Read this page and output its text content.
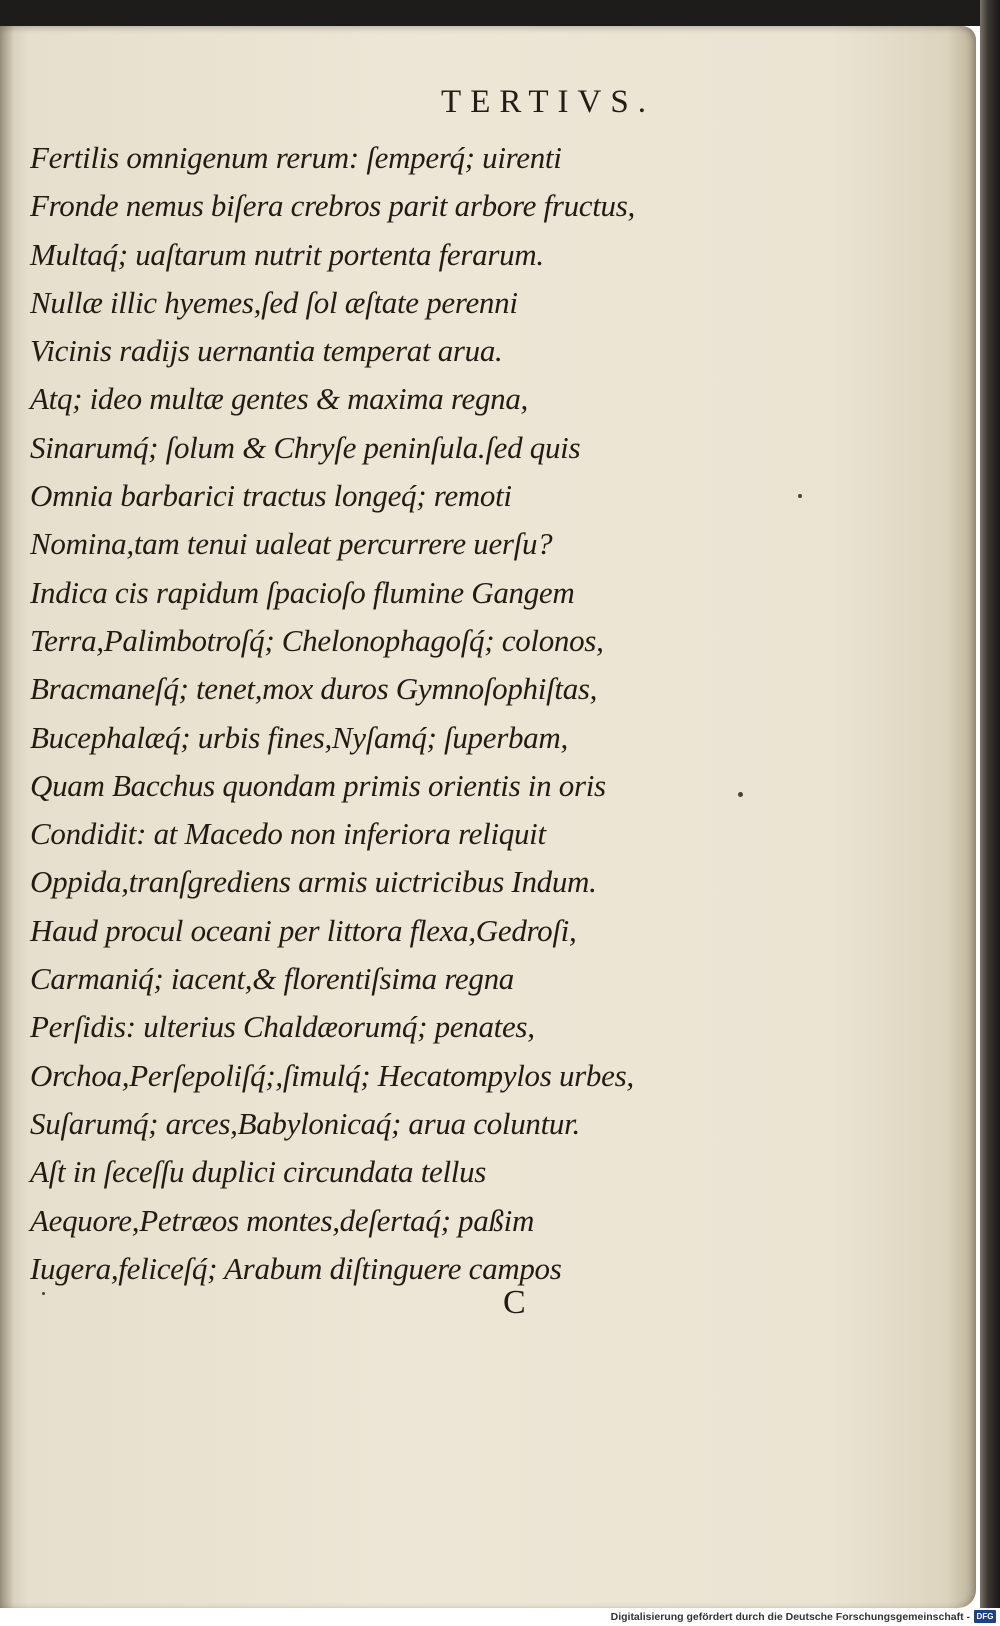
TERTIVS.
Fertilis omnigenum rerum: ſemperq́; uirenti
Fronde nemus biſera crebros parit arbore fructus,
Multaq́; uaſtarum nutrit portenta ferarum.
Nullæ illic hyemes,ſed ſol æſtate perenni
Vicinis radijs uernantia temperat arua.
Atq; ideo multæ gentes & maxima regna,
Sinarumq́; ſolum & Chryſe peninſula.ſed quis
Omnia barbarici tractus longeq́; remoti
Nomina,tam tenui ualeat percurrere uerſu?
Indica cis rapidum ſpacioſo flumine Gangem
Terra,Palimbotroſq́; Chelonophagoſq́; colonos,
Bracmaneſq́; tenet,mox duros Gymnoſophiſtas,
Bucephalæq́; urbis fines,Nyſamq́; ſuperbam,
Quam Bacchus quondam primis orientis in oris
Condidit: at Macedo non inferiora reliquit
Oppida,tranſgrediens armis uictricibus Indum.
Haud procul oceani per littora flexa,Gedroſi,
Carmaniq́; iacent,& florentiſsima regna
Perſidis: ulterius Chaldæorumq́; penates,
Orchoa,Perſepoliſq́;,ſimulq́; Hecatompylos urbes,
Suſarumq́; arces,Babylonicaq́; arua coluntur.
Aſt in ſeceſſu duplici circundata tellus
Aequore,Petræos montes,deſertaq́; paßim
Iugera,feliceſq́; Arabum diſtinguere campos
C
Digitalisierung gefördert durch die Deutsche Forschungsgemeinschaft - DFG
